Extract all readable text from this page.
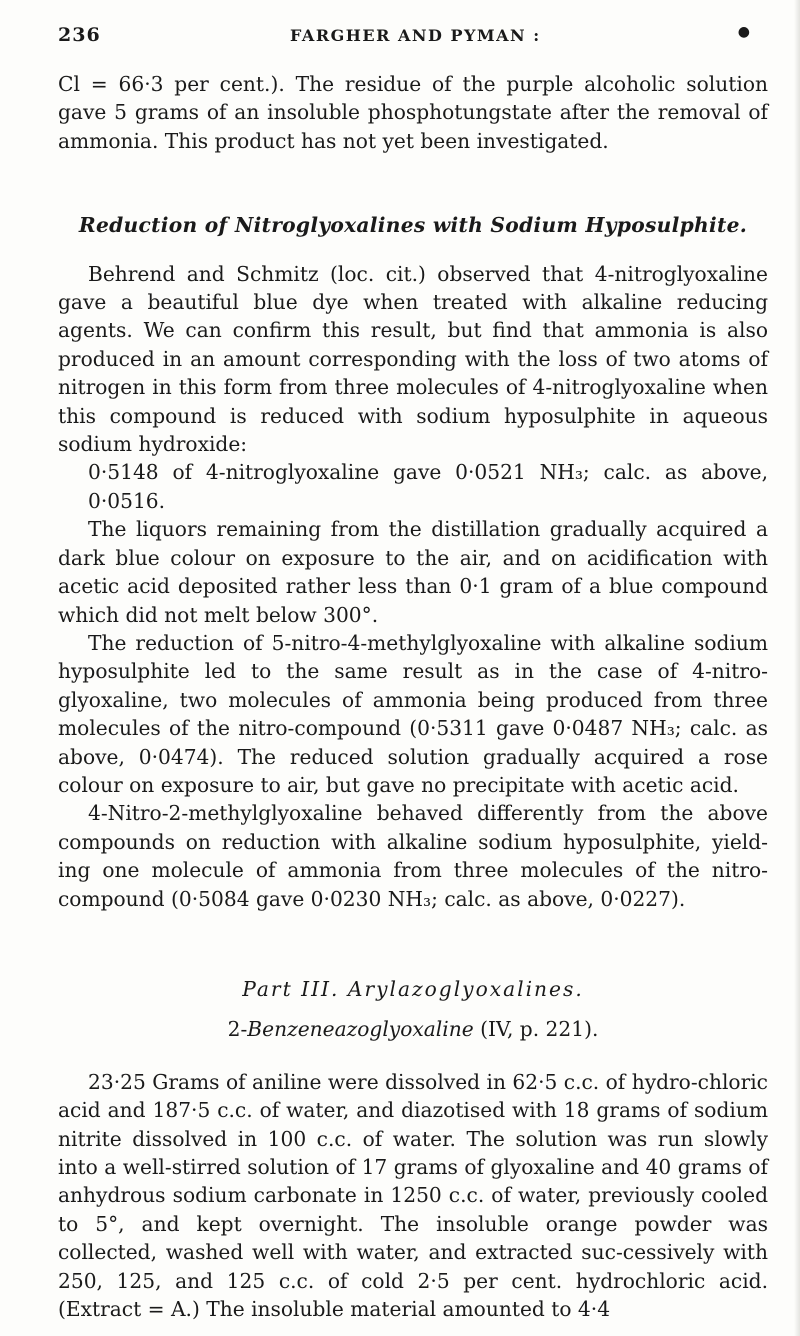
236	FARGHER AND PYMAN :	●

Cl = 66·3 per cent.). The residue of the purple alcoholic solution gave 5 grams of an insoluble phosphotungstate after the removal of ammonia. This product has not yet been investigated.

Reduction of Nitroglyoxalines with Sodium Hyposulphite.

Behrend and Schmitz (loc. cit.) observed that 4-nitroglyoxaline gave a beautiful blue dye when treated with alkaline reducing agents. We can confirm this result, but find that ammonia is also produced in an amount corresponding with the loss of two atoms of nitrogen in this form from three molecules of 4-nitroglyoxaline when this compound is reduced with sodium hyposulphite in aqueous sodium hydroxide:

0·5148 of 4-nitroglyoxaline gave 0·0521 NH₃; calc. as above, 0·0516.

The liquors remaining from the distillation gradually acquired a dark blue colour on exposure to the air, and on acidification with acetic acid deposited rather less than 0·1 gram of a blue compound which did not melt below 300°.

The reduction of 5-nitro-4-methylglyoxaline with alkaline sodium hyposulphite led to the same result as in the case of 4-nitro-glyoxaline, two molecules of ammonia being produced from three molecules of the nitro-compound (0·5311 gave 0·0487 NH₃; calc. as above, 0·0474). The reduced solution gradually acquired a rose colour on exposure to air, but gave no precipitate with acetic acid.

4-Nitro-2-methylglyoxaline behaved differently from the above compounds on reduction with alkaline sodium hyposulphite, yield-ing one molecule of ammonia from three molecules of the nitro-compound (0·5084 gave 0·0230 NH₃; calc. as above, 0·0227).

Part III. Arylazoglyoxalines.
2-Benzeneazoglyoxaline (IV, p. 221).

23·25 Grams of aniline were dissolved in 62·5 c.c. of hydro-chloric acid and 187·5 c.c. of water, and diazotised with 18 grams of sodium nitrite dissolved in 100 c.c. of water. The solution was run slowly into a well-stirred solution of 17 grams of glyoxaline and 40 grams of anhydrous sodium carbonate in 1250 c.c. of water, previously cooled to 5°, and kept overnight. The insoluble orange powder was collected, washed well with water, and extracted suc-cessively with 250, 125, and 125 c.c. of cold 2·5 per cent. hydrochloric acid. (Extract = A.) The insoluble material amounted to 4·4
